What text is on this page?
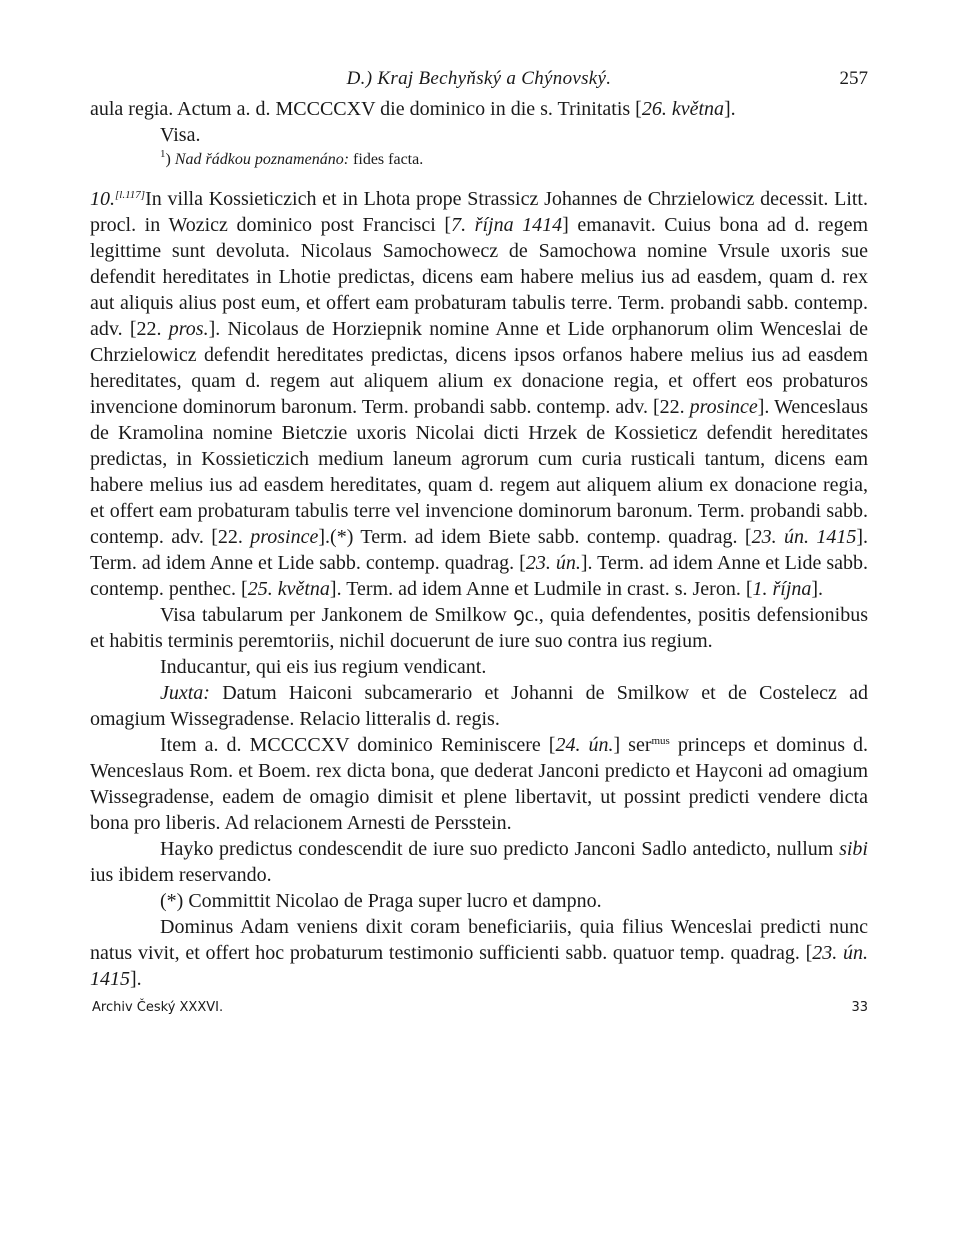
D.) Kraj Bechyňský a Chýnovský.	257

aula regia. Actum a. d. MCCCCXV die dominico in die s. Trinitatis [26. května].

Visa.

$^1$) Nad řádkou poznamenáno: fides facta.

10.[l.117]In villa Kossieticzich et in Lhota prope Strassicz Johannes de Chrzielowicz decessit. Litt. procl. in Wozicz dominico post Francisci [7. října 1414] emanavit. Cuius bona ad d. regem legittime sunt devoluta. Nicolaus Samochowecz de Samochowa nomine Vrsule uxoris sue defendit hereditates in Lhotie predictas, dicens eam habere melius ius ad easdem, quam d. rex aut aliquis alius post eum, et offert eam probaturam tabulis terre. Term. probandi sabb. contemp. adv. [22. pros.]. Nicolaus de Horziepnik nomine Anne et Lide orphanorum olim Wenceslai de Chrzielowicz defendit hereditates predictas, dicens ipsos orfanos habere melius ius ad easdem hereditates, quam d. regem aut aliquem alium ex donacione regia, et offert eos probaturos invencione dominorum baronum. Term. probandi sabb. contemp. adv. [22. prosince]. Wenceslaus de Kramolina nomine Bietczie uxoris Nicolai dicti Hrzek de Kossieticz defendit hereditates predictas, in Kossieticzich medium laneum agrorum cum curia rusticali tantum, dicens eam habere melius ius ad easdem hereditates, quam d. regem aut aliquem alium ex donacione regia, et offert eam probaturam tabulis terre vel invencione dominorum baronum. Term. probandi sabb. contemp. adv. [22. prosince].(*) Term. ad idem Biete sabb. contemp. quadrag. [23. ún. 1415]. Term. ad idem Anne et Lide sabb. contemp. quadrag. [23. ún.]. Term. ad idem Anne et Lide sabb. contemp. penthec. [25. května]. Term. ad idem Anne et Ludmile in crast. s. Jeron. [1. října].

Visa tabularum per Jankonem de Smilkow ꝯc., quia defendentes, positis defensionibus et habitis terminis peremtoriis, nichil docuerunt de iure suo contra ius regium.

Inducantur, qui eis ius regium vendicant.

Juxta: Datum Haiconi subcamerario et Johanni de Smilkow et de Costelecz ad omagium Wissegradense. Relacio litteralis d. regis.

Item a. d. MCCCCXV dominico Reminiscere [24. ún.] ser$^{mus}$ princeps et dominus d. Wenceslaus Rom. et Boem. rex dicta bona, que dederat Janconi predicto et Hayconi ad omagium Wissegradense, eadem de omagio dimisit et plene libertavit, ut possint predicti vendere dicta bona pro liberis. Ad relacionem Arnesti de Persstein.

Hayko predictus condescendit de iure suo predicto Janconi Sadlo antedicto, nullum sibi ius ibidem reservando.

(*) Committit Nicolao de Praga super lucro et dampno.

Dominus Adam veniens dixit coram beneficiariis, quia filius Wenceslai predicti nunc natus vivit, et offert hoc probaturum testimonio sufficienti sabb. quatuor temp. quadrag. [23. ún. 1415].

Archiv Český XXXVI.	33
